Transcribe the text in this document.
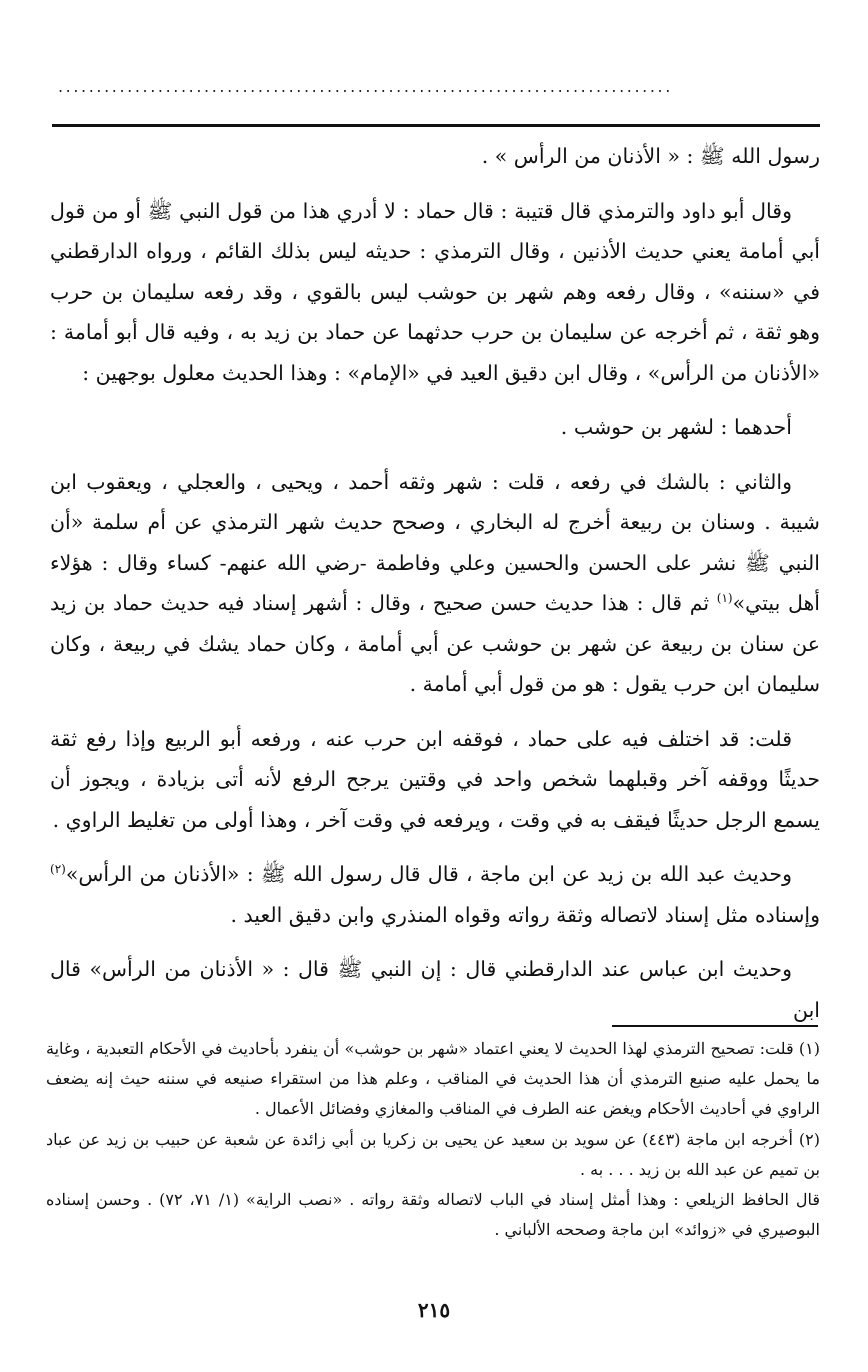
................................................................................

رسول الله ﷺ : « الأذنان من الرأس » .

وقال أبو داود والترمذي قال قتيبة : قال حماد : لا أدري هذا من قول النبي ﷺ أو من قول أبي أمامة يعني حديث الأذنين ، وقال الترمذي : حديثه ليس بذلك القائم ، ورواه الدارقطني في «سننه» ، وقال رفعه وهم شهر بن حوشب ليس بالقوي ، وقد رفعه سليمان بن حرب وهو ثقة ، ثم أخرجه عن سليمان بن حرب حدثهما عن حماد بن زيد به ، وفيه قال أبو أمامة : «الأذنان من الرأس» ، وقال ابن دقيق العيد في «الإمام» : وهذا الحديث معلول بوجهين :

أحدهما : لشهر بن حوشب .

والثاني : بالشك في رفعه ، قلت : شهر وثقه أحمد ، ويحيى ، والعجلي ، ويعقوب ابن شيبة . وسنان بن ربيعة أخرج له البخاري ، وصحح حديث شهر الترمذي عن أم سلمة «أن النبي ﷺ نشر على الحسن والحسين وعلي وفاطمة -رضي الله عنهم- كساء وقال : هؤلاء أهل بيتي»$^{(١)}$ ثم قال : هذا حديث حسن صحيح ، وقال : أشهر إسناد فيه حديث حماد بن زيد عن سنان بن ربيعة عن شهر بن حوشب عن أبي أمامة ، وكان حماد يشك في ربيعة ، وكان سليمان ابن حرب يقول : هو من قول أبي أمامة .

قلت: قد اختلف فيه على حماد ، فوقفه ابن حرب عنه ، ورفعه أبو الربيع وإذا رفع ثقة حديثًا ووقفه آخر وقبلهما شخص واحد في وقتين يرجح الرفع لأنه أتى بزيادة ، ويجوز أن يسمع الرجل حديثًا فيقف به في وقت ، ويرفعه في وقت آخر ، وهذا أولى من تغليط الراوي .

وحديث عبد الله بن زيد عن ابن ماجة ، قال قال رسول الله ﷺ : «الأذنان من الرأس»$^{(٢)}$ وإسناده مثل إسناد لاتصاله وثقة رواته وقواه المنذري وابن دقيق العيد .

وحديث ابن عباس عند الدارقطني قال : إن النبي ﷺ قال : « الأذنان من الرأس» قال ابن

(١) قلت: تصحيح الترمذي لهذا الحديث لا يعني اعتماد «شهر بن حوشب» أن ينفرد بأحاديث في الأحكام التعبدية ، وغاية ما يحمل عليه صنيع الترمذي أن هذا الحديث في المناقب ، وعلم هذا من استقراء صنيعه في سننه حيث إنه يضعف الراوي في أحاديث الأحكام ويغض عنه الطرف في المناقب والمغازي وفضائل الأعمال .

(٢) أخرجه ابن ماجة (٤٤٣) عن سويد بن سعيد عن يحيى بن زكريا بن أبي زائدة عن شعبة عن حبيب بن زيد عن عباد بن تميم عن عبد الله بن زيد . . . به .

قال الحافظ الزيلعي : وهذا أمثل إسناد في الباب لاتصاله وثقة رواته . «نصب الراية» (١/ ٧١، ٧٢) . وحسن إسناده البوصيري في «زوائد» ابن ماجة وصححه الألباني .

٢١٥
